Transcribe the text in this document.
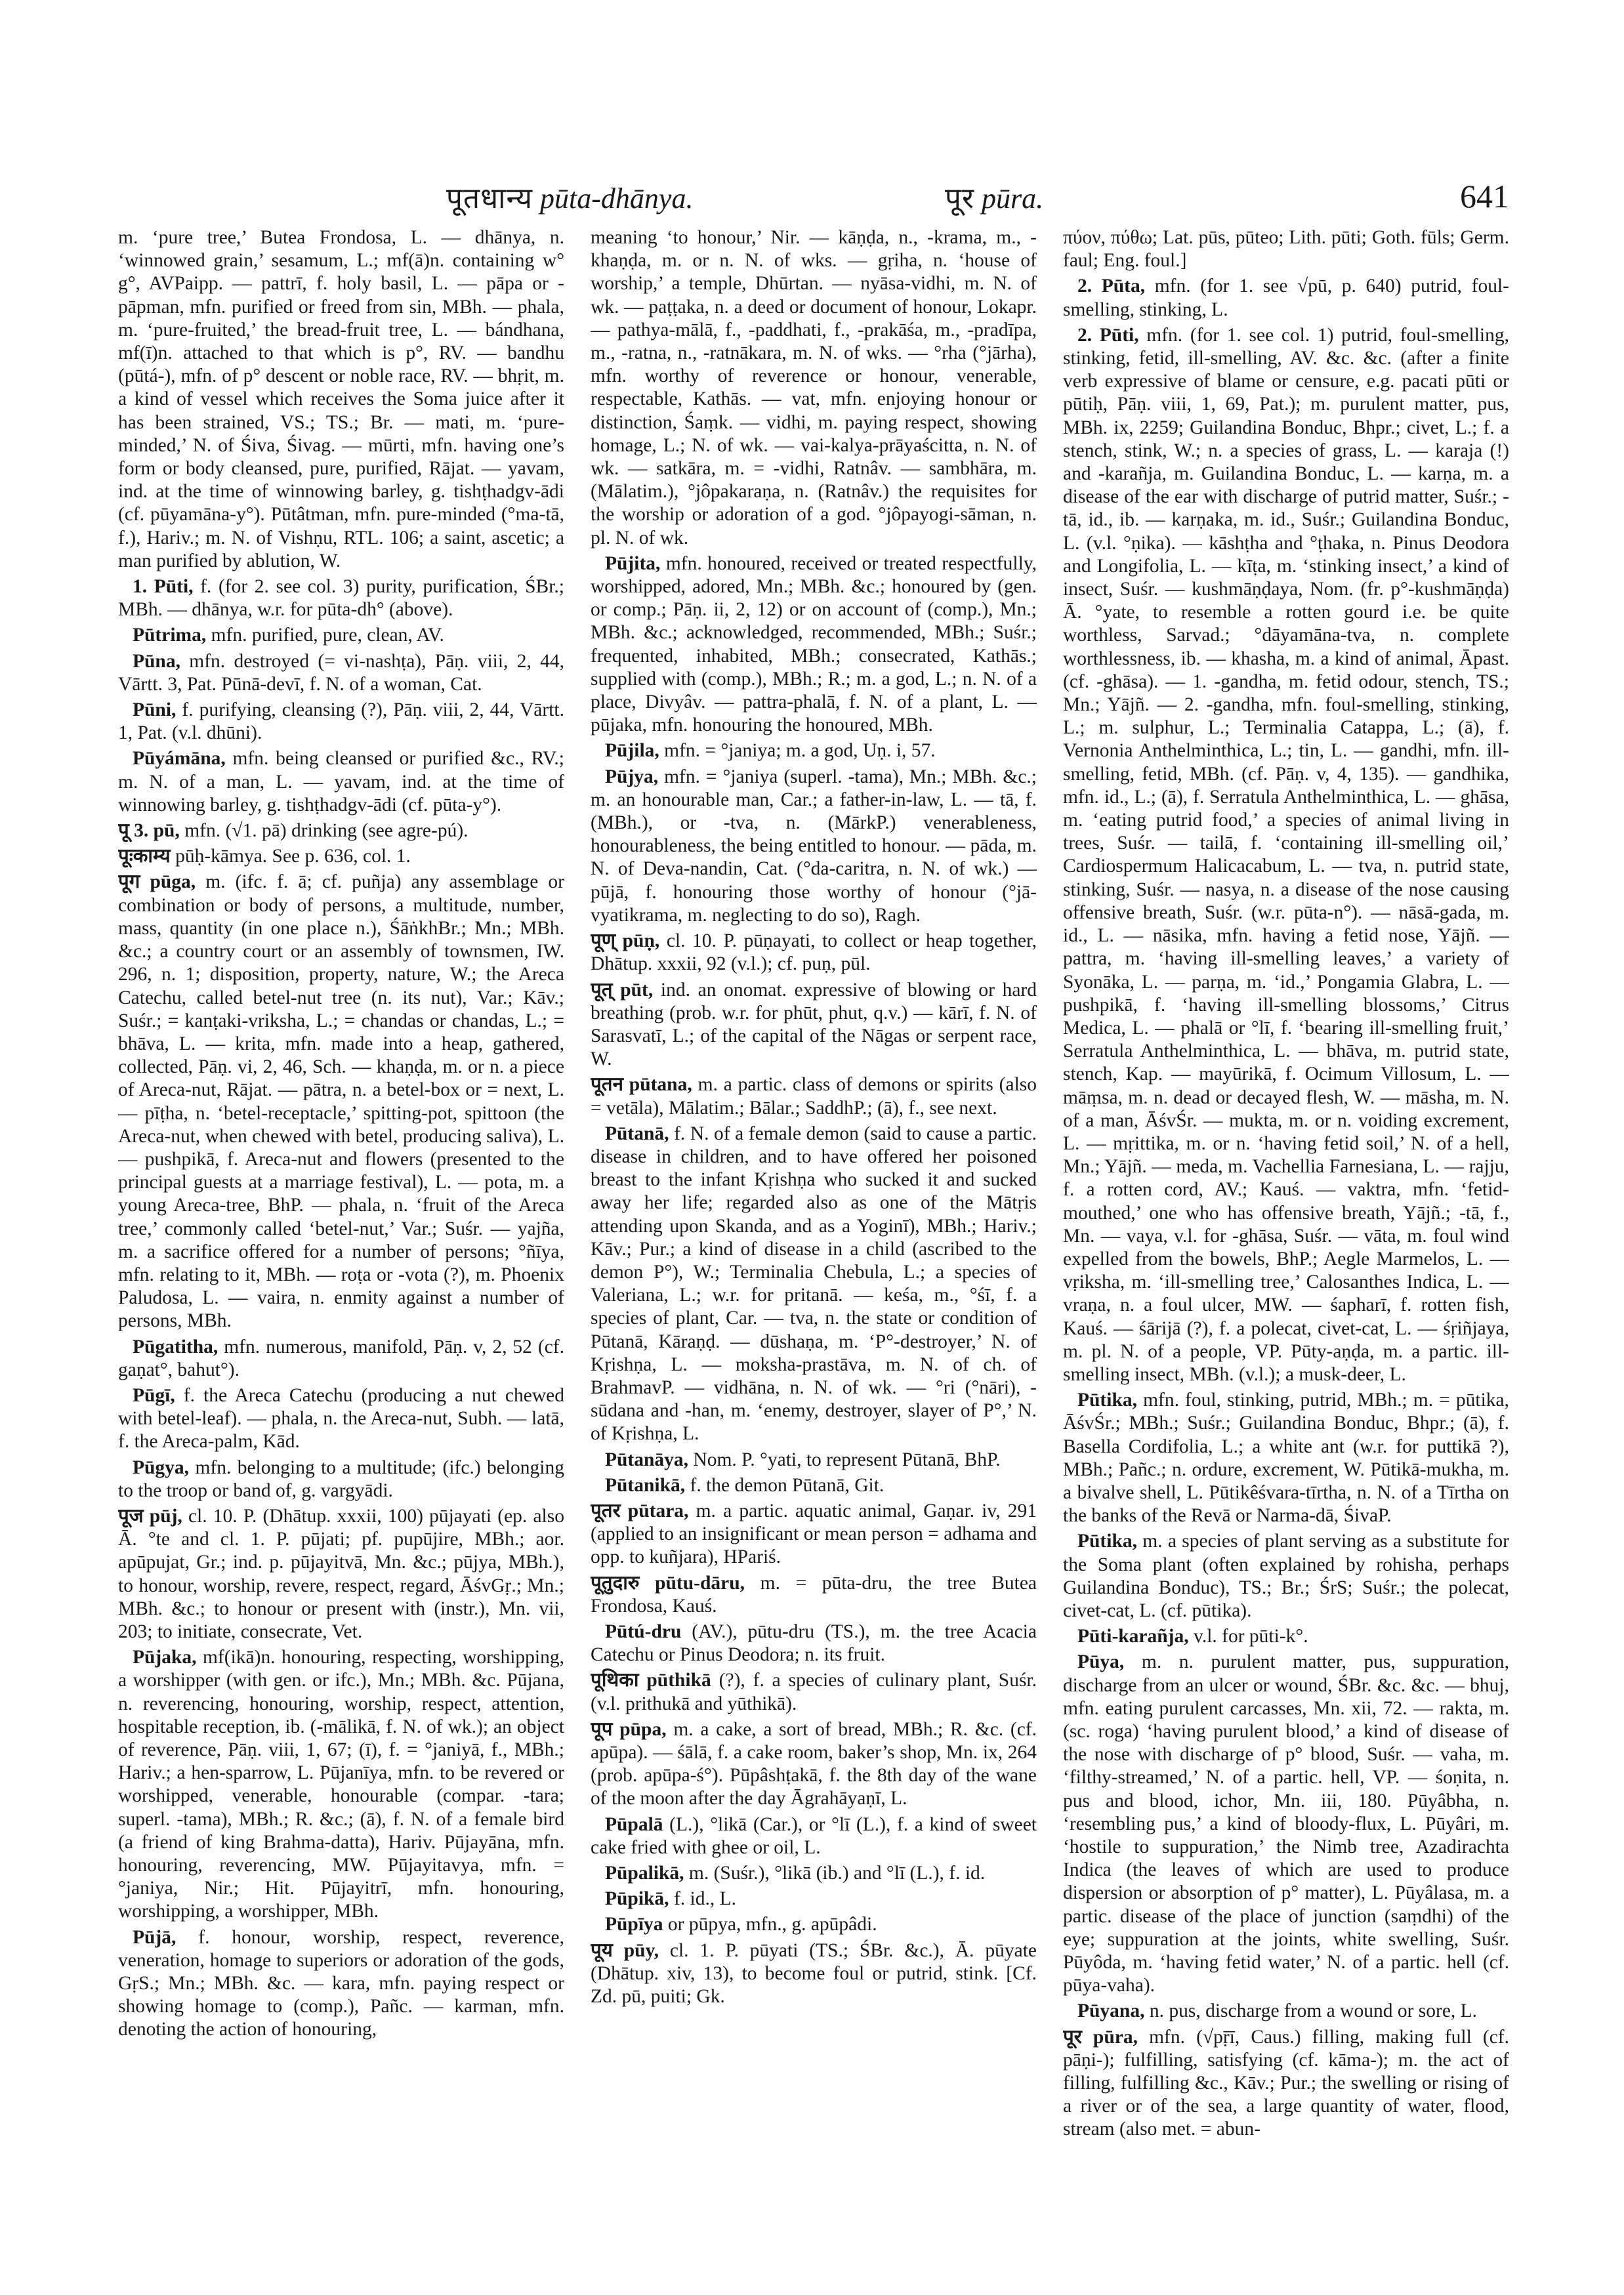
पूतधान्य pūta-dhānya.	पूर pūra.	641

m. ‘pure tree,’ Butea Frondosa, L. — dhānya, n. ‘winnowed grain,’ sesamum, L.; mf(ā)n. containing w° g°, AVPaipp. — pattrī, f. holy basil, L. — pāpa or -pāpman, mfn. purified or freed from sin, MBh. — phala, m. ‘pure-fruited,’ the bread-fruit tree, L. — bándhana, mf(ī)n. attached to that which is p°, RV. — bandhu (pūtá-), mfn. of p° descent or noble race, RV. — bhṛit, m. a kind of vessel which receives the Soma juice after it has been strained, VS.; TS.; Br. — mati, m. ‘pure-minded,’ N. of Śiva, Śivag. — mūrti, mfn. having one’s form or body cleansed, pure, purified, Rājat. — yavam, ind. at the time of winnowing barley, g. tishṭhadgv-ādi (cf. pūyamāna-y°). Pūtâtman, mfn. pure-minded (°ma-tā, f.), Hariv.; m. N. of Vishṇu, RTL. 106; a saint, ascetic; a man purified by ablution, W.

1. Pūti, f. (for 2. see col. 3) purity, purification, ŚBr.; MBh. — dhānya, w.r. for pūta-dh° (above).

Pūtrima, mfn. purified, pure, clean, AV.

Pūna, mfn. destroyed (= vi-nashṭa), Pāṇ. viii, 2, 44, Vārtt. 3, Pat. Pūnā-devī, f. N. of a woman, Cat.

Pūni, f. purifying, cleansing (?), Pāṇ. viii, 2, 44, Vārtt. 1, Pat. (v.l. dhūni).

Pūyámāna, mfn. being cleansed or purified &c., RV.; m. N. of a man, L. — yavam, ind. at the time of winnowing barley, g. tishṭhadgv-ādi (cf. pūta-y°).

पू 3. pū, mfn. (√1. pā) drinking (see agre-pú).

पूःकाम्य pūḥ-kāmya. See p. 636, col. 1.

पूग pūga, m. (ifc. f. ā; cf. puñja) any assemblage or combination or body of persons, a multitude, number, mass, quantity (in one place n.), ŚāṅkhBr.; Mn.; MBh. &c.; a country court or an assembly of townsmen, IW. 296, n. 1; disposition, property, nature, W.; the Areca Catechu, called betel-nut tree (n. its nut), Var.; Kāv.; Suśr.; = kanṭaki-vriksha, L.; = chandas or chandas, L.; = bhāva, L. — krita, mfn. made into a heap, gathered, collected, Pāṇ. vi, 2, 46, Sch. — khaṇḍa, m. or n. a piece of Areca-nut, Rājat. — pātra, n. a betel-box or = next, L. — pīṭha, n. ‘betel-receptacle,’ spitting-pot, spittoon (the Areca-nut, when chewed with betel, producing saliva), L. — pushpikā, f. Areca-nut and flowers (presented to the principal guests at a marriage festival), L. — pota, m. a young Areca-tree, BhP. — phala, n. ‘fruit of the Areca tree,’ commonly called ‘betel-nut,’ Var.; Suśr. — yajña, m. a sacrifice offered for a number of persons; °ñīya, mfn. relating to it, MBh. — roṭa or -vota (?), m. Phoenix Paludosa, L. — vaira, n. enmity against a number of persons, MBh.

Pūgatitha, mfn. numerous, manifold, Pāṇ. v, 2, 52 (cf. gaṇat°, bahut°).

Pūgī, f. the Areca Catechu (producing a nut chewed with betel-leaf). — phala, n. the Areca-nut, Subh. — latā, f. the Areca-palm, Kād.

Pūgya, mfn. belonging to a multitude; (ifc.) belonging to the troop or band of, g. vargyādi.

पूज pūj, cl. 10. P. (Dhātup. xxxii, 100) pūjayati (ep. also Ā. °te and cl. 1. P. pūjati; pf. pupūjire, MBh.; aor. apūpujat, Gr.; ind. p. pūjayitvā, Mn. &c.; pūjya, MBh.), to honour, worship, revere, respect, regard, ĀśvGṛ.; Mn.; MBh. &c.; to honour or present with (instr.), Mn. vii, 203; to initiate, consecrate, Vet.

Pūjaka, mf(ikā)n. honouring, respecting, worshipping, a worshipper (with gen. or ifc.), Mn.; MBh. &c. Pūjana, n. reverencing, honouring, worship, respect, attention, hospitable reception, ib. (-mālikā, f. N. of wk.); an object of reverence, Pāṇ. viii, 1, 67; (ī), f. = °janiyā, f., MBh.; Hariv.; a hen-sparrow, L. Pūjanīya, mfn. to be revered or worshipped, venerable, honourable (compar. -tara; superl. -tama), MBh.; R. &c.; (ā), f. N. of a female bird (a friend of king Brahma-datta), Hariv. Pūjayāna, mfn. honouring, reverencing, MW. Pūjayitavya, mfn. = °janiya, Nir.; Hit. Pūjayitrī, mfn. honouring, worshipping, a worshipper, MBh.

Pūjā, f. honour, worship, respect, reverence, veneration, homage to superiors or adoration of the gods, GṛS.; Mn.; MBh. &c. — kara, mfn. paying respect or showing homage to (comp.), Pañc. — karman, mfn. denoting the action of honouring,

meaning ‘to honour,’ Nir. — kāṇḍa, n., -krama, m., -khaṇḍa, m. or n. N. of wks. — gṛiha, n. ‘house of worship,’ a temple, Dhūrtan. — nyāsa-vidhi, m. N. of wk. — paṭṭaka, n. a deed or document of honour, Lokapr. — pathya-mālā, f., -paddhati, f., -prakāśa, m., -pradīpa, m., -ratna, n., -ratnākara, m. N. of wks. — °rha (°jārha), mfn. worthy of reverence or honour, venerable, respectable, Kathās. — vat, mfn. enjoying honour or distinction, Śaṃk. — vidhi, m. paying respect, showing homage, L.; N. of wk. — vai-kalya-prāyaścitta, n. N. of wk. — satkāra, m. = -vidhi, Ratnâv. — sambhāra, m. (Mālatim.), °jôpakaraṇa, n. (Ratnâv.) the requisites for the worship or adoration of a god. °jôpayogi-sāman, n. pl. N. of wk.

Pūjita, mfn. honoured, received or treated respectfully, worshipped, adored, Mn.; MBh. &c.; honoured by (gen. or comp.; Pāṇ. ii, 2, 12) or on account of (comp.), Mn.; MBh. &c.; acknowledged, recommended, MBh.; Suśr.; frequented, inhabited, MBh.; consecrated, Kathās.; supplied with (comp.), MBh.; R.; m. a god, L.; n. N. of a place, Divyâv. — pattra-phalā, f. N. of a plant, L. — pūjaka, mfn. honouring the honoured, MBh.

Pūjila, mfn. = °janiya; m. a god, Uṇ. i, 57.

Pūjya, mfn. = °janiya (superl. -tama), Mn.; MBh. &c.; m. an honourable man, Car.; a father-in-law, L. — tā, f. (MBh.), or -tva, n. (MārkP.) venerableness, honourableness, the being entitled to honour. — pāda, m. N. of Deva-nandin, Cat. (°da-caritra, n. N. of wk.) — pūjā, f. honouring those worthy of honour (°jā-vyatikrama, m. neglecting to do so), Ragh.

पूण् pūṇ, cl. 10. P. pūṇayati, to collect or heap together, Dhātup. xxxii, 92 (v.l.); cf. puṇ, pūl.

पूत् pūt, ind. an onomat. expressive of blowing or hard breathing (prob. w.r. for phūt, phut, q.v.) — kārī, f. N. of Sarasvatī, L.; of the capital of the Nāgas or serpent race, W.

पूतन pūtana, m. a partic. class of demons or spirits (also = vetāla), Mālatim.; Bālar.; SaddhP.; (ā), f., see next.

Pūtanā, f. N. of a female demon (said to cause a partic. disease in children, and to have offered her poisoned breast to the infant Kṛishṇa who sucked it and sucked away her life; regarded also as one of the Mātṛis attending upon Skanda, and as a Yoginī), MBh.; Hariv.; Kāv.; Pur.; a kind of disease in a child (ascribed to the demon P°), W.; Terminalia Chebula, L.; a species of Valeriana, L.; w.r. for pritanā. — keśa, m., °śī, f. a species of plant, Car. — tva, n. the state or condition of Pūtanā, Kāraṇḍ. — dūshaṇa, m. ‘P°-destroyer,’ N. of Kṛishṇa, L. — moksha-prastāva, m. N. of ch. of BrahmavP. — vidhāna, n. N. of wk. — °ri (°nāri), -sūdana and -han, m. ‘enemy, destroyer, slayer of P°,’ N. of Kṛishṇa, L.

Pūtanāya, Nom. P. °yati, to represent Pūtanā, BhP.

Pūtanikā, f. the demon Pūtanā, Git.

पूतर pūtara, m. a partic. aquatic animal, Gaṇar. iv, 291 (applied to an insignificant or mean person = adhama and opp. to kuñjara), HPariś.

पूतुदारु pūtu-dāru, m. = pūta-dru, the tree Butea Frondosa, Kauś.

Pūtú-dru (AV.), pūtu-dru (TS.), m. the tree Acacia Catechu or Pinus Deodora; n. its fruit.

पूथिका pūthikā (?), f. a species of culinary plant, Suśr. (v.l. prithukā and yūthikā).

पूप pūpa, m. a cake, a sort of bread, MBh.; R. &c. (cf. apūpa). — śālā, f. a cake room, baker’s shop, Mn. ix, 264 (prob. apūpa-ś°). Pūpâshṭakā, f. the 8th day of the wane of the moon after the day Āgrahāyaṇī, L.

Pūpalā (L.), °likā (Car.), or °lī (L.), f. a kind of sweet cake fried with ghee or oil, L.

Pūpalikā, m. (Suśr.), °likā (ib.) and °lī (L.), f. id.

Pūpikā, f. id., L.

Pūpīya or pūpya, mfn., g. apūpâdi.

पूय pūy, cl. 1. P. pūyati (TS.; ŚBr. &c.), Ā. pūyate (Dhātup. xiv, 13), to become foul or putrid, stink. [Cf. Zd. pū, puiti; Gk.

πύον, πύθω; Lat. pūs, pūteo; Lith. pūti; Goth. fūls; Germ. faul; Eng. foul.]

2. Pūta, mfn. (for 1. see √pū, p. 640) putrid, foul-smelling, stinking, L.

2. Pūti, mfn. (for 1. see col. 1) putrid, foul-smelling, stinking, fetid, ill-smelling, AV. &c. &c. (after a finite verb expressive of blame or censure, e.g. pacati pūti or pūtiḥ, Pāṇ. viii, 1, 69, Pat.); m. purulent matter, pus, MBh. ix, 2259; Guilandina Bonduc, Bhpr.; civet, L.; f. a stench, stink, W.; n. a species of grass, L. — karaja (!) and -karañja, m. Guilandina Bonduc, L. — karṇa, m. a disease of the ear with discharge of putrid matter, Suśr.; -tā, id., ib. — karṇaka, m. id., Suśr.; Guilandina Bonduc, L. (v.l. °ṇika). — kāshṭha and °ṭhaka, n. Pinus Deodora and Longifolia, L. — kīṭa, m. ‘stinking insect,’ a kind of insect, Suśr. — kushmāṇḍaya, Nom. (fr. p°-kushmāṇḍa) Ā. °yate, to resemble a rotten gourd i.e. be quite worthless, Sarvad.; °dāyamāna-tva, n. complete worthlessness, ib. — khasha, m. a kind of animal, Āpast. (cf. -ghāsa). — 1. -gandha, m. fetid odour, stench, TS.; Mn.; Yājñ. — 2. -gandha, mfn. foul-smelling, stinking, L.; m. sulphur, L.; Terminalia Catappa, L.; (ā), f. Vernonia Anthelminthica, L.; tin, L. — gandhi, mfn. ill-smelling, fetid, MBh. (cf. Pāṇ. v, 4, 135). — gandhika, mfn. id., L.; (ā), f. Serratula Anthelminthica, L. — ghāsa, m. ‘eating putrid food,’ a species of animal living in trees, Suśr. — tailā, f. ‘containing ill-smelling oil,’ Cardiospermum Halicacabum, L. — tva, n. putrid state, stinking, Suśr. — nasya, n. a disease of the nose causing offensive breath, Suśr. (w.r. pūta-n°). — nāsā-gada, m. id., L. — nāsika, mfn. having a fetid nose, Yājñ. — pattra, m. ‘having ill-smelling leaves,’ a variety of Syonāka, L. — parṇa, m. ‘id.,’ Pongamia Glabra, L. — pushpikā, f. ‘having ill-smelling blossoms,’ Citrus Medica, L. — phalā or °lī, f. ‘bearing ill-smelling fruit,’ Serratula Anthelminthica, L. — bhāva, m. putrid state, stench, Kap. — mayūrikā, f. Ocimum Villosum, L. — māṃsa, m. n. dead or decayed flesh, W. — māsha, m. N. of a man, ĀśvŚr. — mukta, m. or n. voiding excrement, L. — mṛittika, m. or n. ‘having fetid soil,’ N. of a hell, Mn.; Yājñ. — meda, m. Vachellia Farnesiana, L. — rajju, f. a rotten cord, AV.; Kauś. — vaktra, mfn. ‘fetid-mouthed,’ one who has offensive breath, Yājñ.; -tā, f., Mn. — vaya, v.l. for -ghāsa, Suśr. — vāta, m. foul wind expelled from the bowels, BhP.; Aegle Marmelos, L. — vṛiksha, m. ‘ill-smelling tree,’ Calosanthes Indica, L. — vraṇa, n. a foul ulcer, MW. — śapharī, f. rotten fish, Kauś. — śārijā (?), f. a polecat, civet-cat, L. — śṛiñjaya, m. pl. N. of a people, VP. Pūty-aṇḍa, m. a partic. ill-smelling insect, MBh. (v.l.); a musk-deer, L.

Pūtika, mfn. foul, stinking, putrid, MBh.; m. = pūtika, ĀśvŚr.; MBh.; Suśr.; Guilandina Bonduc, Bhpr.; (ā), f. Basella Cordifolia, L.; a white ant (w.r. for puttikā ?), MBh.; Pañc.; n. ordure, excrement, W. Pūtikā-mukha, m. a bivalve shell, L. Pūtikêśvara-tīrtha, n. N. of a Tīrtha on the banks of the Revā or Narma-dā, ŚivaP.

Pūtika, m. a species of plant serving as a substitute for the Soma plant (often explained by rohisha, perhaps Guilandina Bonduc), TS.; Br.; ŚrS; Suśr.; the polecat, civet-cat, L. (cf. pūtika).

Pūti-karañja, v.l. for pūti-k°.

Pūya, m. n. purulent matter, pus, suppuration, discharge from an ulcer or wound, ŚBr. &c. &c. — bhuj, mfn. eating purulent carcasses, Mn. xii, 72. — rakta, m. (sc. roga) ‘having purulent blood,’ a kind of disease of the nose with discharge of p° blood, Suśr. — vaha, m. ‘filthy-streamed,’ N. of a partic. hell, VP. — śoṇita, n. pus and blood, ichor, Mn. iii, 180. Pūyâbha, n. ‘resembling pus,’ a kind of bloody-flux, L. Pūyâri, m. ‘hostile to suppuration,’ the Nimb tree, Azadirachta Indica (the leaves of which are used to produce dispersion or absorption of p° matter), L. Pūyâlasa, m. a partic. disease of the place of junction (saṃdhi) of the eye; suppuration at the joints, white swelling, Suśr. Pūyôda, m. ‘having fetid water,’ N. of a partic. hell (cf. pūya-vaha).

Pūyana, n. pus, discharge from a wound or sore, L.

पूर pūra, mfn. (√pṝī, Caus.) filling, making full (cf. pāṇi-); fulfilling, satisfying (cf. kāma-); m. the act of filling, fulfilling &c., Kāv.; Pur.; the swelling or rising of a river or of the sea, a large quantity of water, flood, stream (also met. = abun-
